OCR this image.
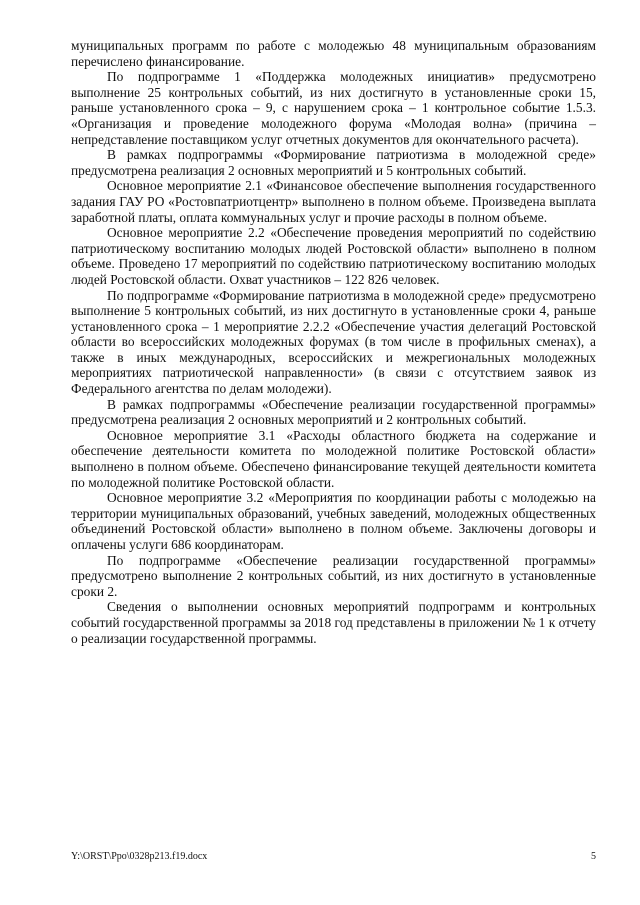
муниципальных программ по работе с молодежью 48 муниципальным образованиям перечислено финансирование.

По подпрограмме 1 «Поддержка молодежных инициатив» предусмотрено выполнение 25 контрольных событий, из них достигнуто в установленные сроки 15, раньше установленного срока – 9, с нарушением срока – 1 контрольное событие 1.5.3. «Организация и проведение молодежного форума «Молодая волна» (причина – непредставление поставщиком услуг отчетных документов для окончательного расчета).

В рамках подпрограммы «Формирование патриотизма в молодежной среде» предусмотрена реализация 2 основных мероприятий и 5 контрольных событий.

Основное мероприятие 2.1 «Финансовое обеспечение выполнения государственного задания ГАУ РО «Ростовпатриотцентр» выполнено в полном объеме. Произведена выплата заработной платы, оплата коммунальных услуг и прочие расходы в полном объеме.

Основное мероприятие 2.2 «Обеспечение проведения мероприятий по содействию патриотическому воспитанию молодых людей Ростовской области» выполнено в полном объеме. Проведено 17 мероприятий по содействию патриотическому воспитанию молодых людей Ростовской области. Охват участников – 122 826 человек.

По подпрограмме «Формирование патриотизма в молодежной среде» предусмотрено выполнение 5 контрольных событий, из них достигнуто в установленные сроки 4, раньше установленного срока – 1 мероприятие 2.2.2 «Обеспечение участия делегаций Ростовской области во всероссийских молодежных форумах (в том числе в профильных сменах), а также в иных международных, всероссийских и межрегиональных молодежных мероприятиях патриотической направленности» (в связи с отсутствием заявок из Федерального агентства по делам молодежи).

В рамках подпрограммы «Обеспечение реализации государственной программы» предусмотрена реализация 2 основных мероприятий и 2 контрольных событий.

Основное мероприятие 3.1 «Расходы областного бюджета на содержание и обеспечение деятельности комитета по молодежной политике Ростовской области» выполнено в полном объеме. Обеспечено финансирование текущей деятельности комитета по молодежной политике Ростовской области.

Основное мероприятие 3.2 «Мероприятия по координации работы с молодежью на территории муниципальных образований, учебных заведений, молодежных общественных объединений Ростовской области» выполнено в полном объеме. Заключены договоры и оплачены услуги 686 координаторам.

По подпрограмме «Обеспечение реализации государственной программы» предусмотрено выполнение 2 контрольных событий, из них достигнуто в установленные сроки 2.

Сведения о выполнении основных мероприятий подпрограмм и контрольных событий государственной программы за 2018 год представлены в приложении № 1 к отчету о реализации государственной программы.

Y:\ORST\Ppo\0328p213.f19.docx	5
